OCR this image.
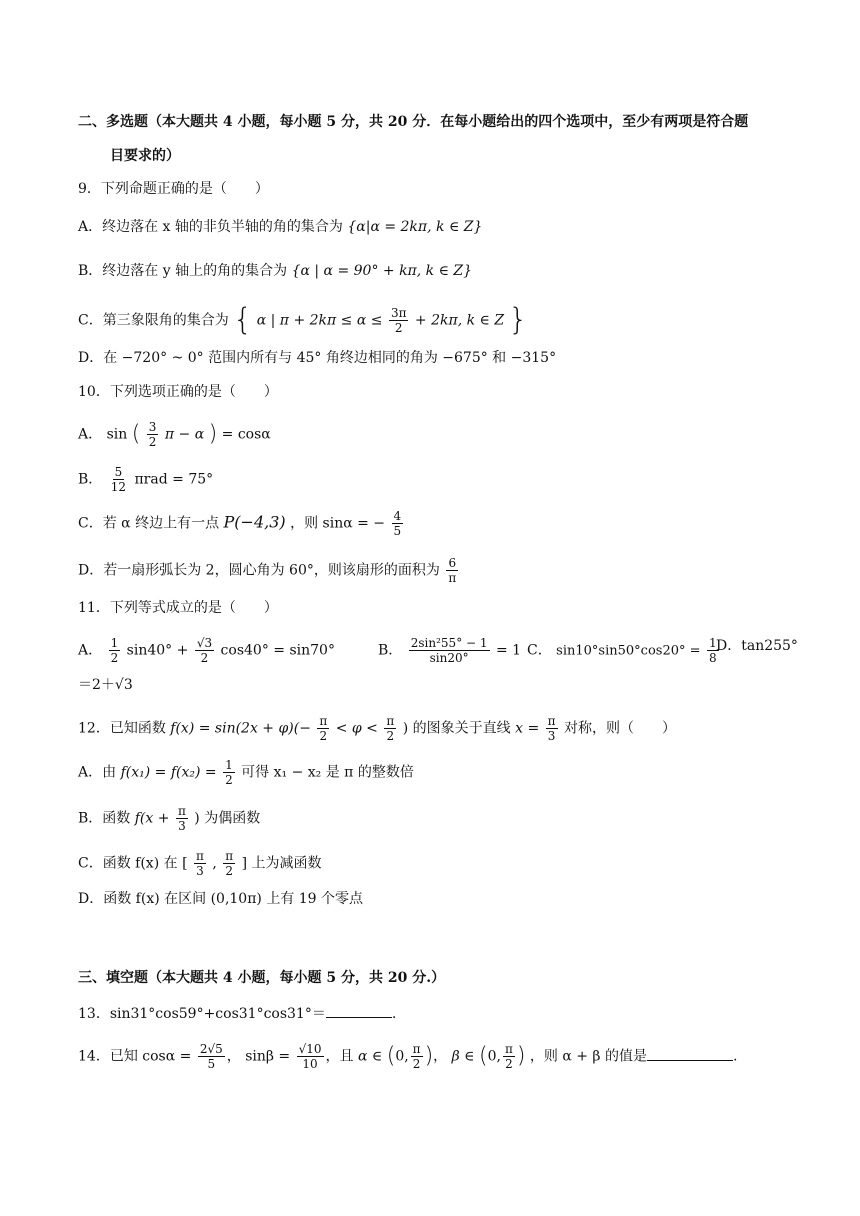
二、多选题（本大题共 4 小题，每小题 5 分，共 20 分．在每小题给出的四个选项中，至少有两项是符合题
目要求的）
9．下列命题正确的是（　　）
A．终边落在 x 轴的非负半轴的角的集合为 {α|α = 2kπ, k ∈ Z}
B．终边落在 y 轴上的角的集合为 {α | α = 90° + kπ, k ∈ Z}
C．第三象限角的集合为 { α | $\pi + 2k\pi \le \alpha \le \frac{3\pi}{2} + 2k\pi$, k ∈ Z }
D．在 −720° ~ 0° 范围内所有与 45° 角终边相同的角为 −675° 和 −315°
10．下列选项正确的是（　　）
A． sin ( $\frac{3}{2}$ π − α ) = cosα
B． $\frac{5}{12}$ πrad = 75°
C．若 α 终边上有一点 P(−4,3) ，则 sinα = − $\frac{4}{5}$
D．若一扇形弧长为 2，圆心角为 60°，则该扇形的面积为 $\frac{6}{\pi}$
11．下列等式成立的是（　　）
A． $\frac{1}{2} \sin 40^\circ + \frac{√3}{2} \cos 40^\circ = \sin 70^\circ$	B． $\frac{\text{2sin²55° − 1}}{\sin 20^\circ} = 1$ C． $\sin 10^\circ\sin 50^\circ\cos 20^\circ = \frac{1}{8}$
D．tan255°
＝2＋√3
12．已知函数 $f(x) = \sin(2x + \varphi)(- \frac{\pi}{2} < \varphi < \frac{\pi}{2}$ ) 的图象关于直线 $x = \frac{\pi}{3}$ 对称，则（　　）
A．由 $f(x_1) = f(x_2) = \frac{1}{2}$ 可得 x₁ − x₂ 是 π 的整数倍
B．函数 $f(x + \frac{\pi}{3}$ ) 为偶函数
C．函数 f(x) 在 [ $\frac{\pi}{3}$ , $\frac{\pi}{2}$ ] 上为减函数
D．函数 f(x) 在区间 (0,10π) 上有 19 个零点
三、填空题（本大题共 4 小题，每小题 5 分，共 20 分.）
13．sin31°cos59°+cos31°cos31°＝	.
14．已知 $\cos\alpha = \frac{2√5}{5}$ ， $\sin\beta = \frac{√10}{10}$ ，且 α ∈ (0, $\frac{\pi}{2}$ )， β ∈ (0, $\frac{\pi}{2}$ ) ，则 α + β 的值是	.
